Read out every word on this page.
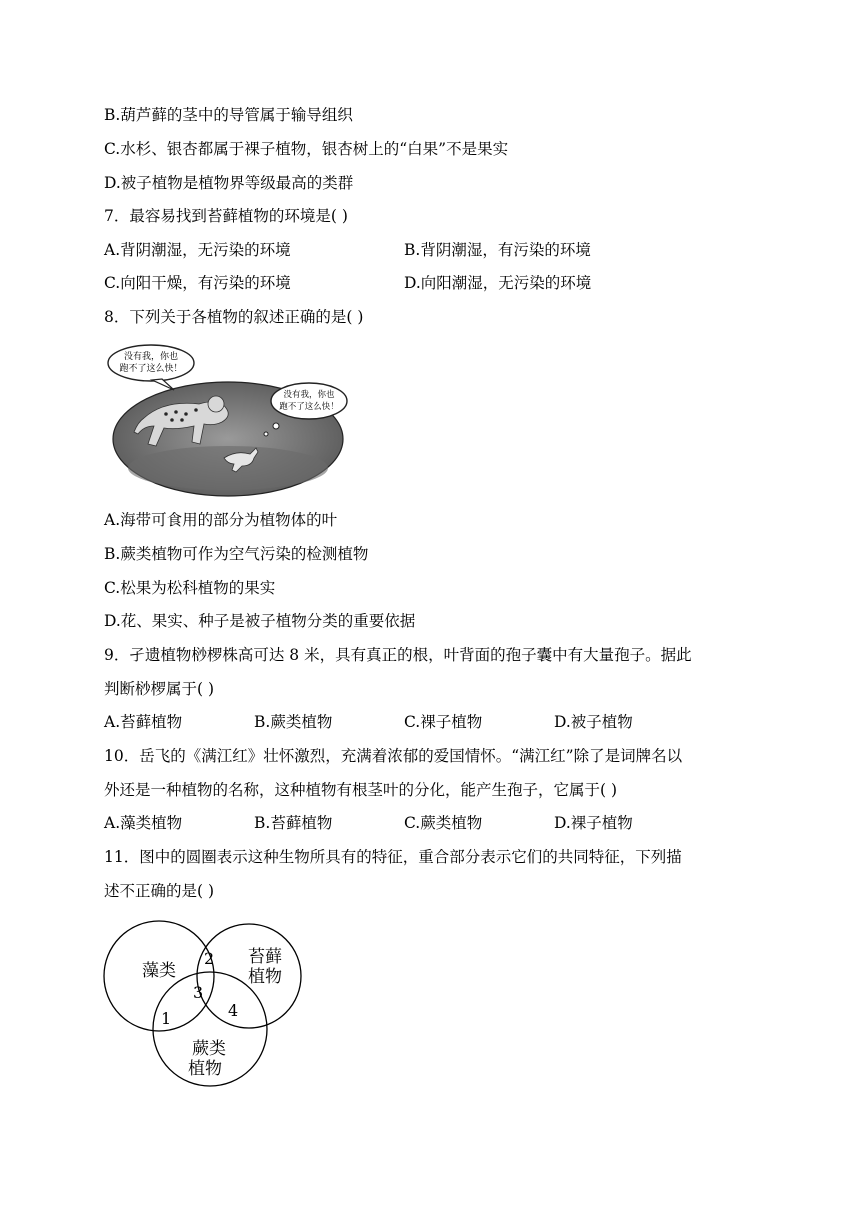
B.葫芦藓的茎中的导管属于输导组织
C.水杉、银杏都属于裸子植物，银杏树上的“白果”不是果实
D.被子植物是植物界等级最高的类群
7．最容易找到苔藓植物的环境是( )
A.背阴潮湿，无污染的环境	B.背阴潮湿，有污染的环境
C.向阳干燥，有污染的环境	D.向阳潮湿，无污染的环境
8．下列关于各植物的叙述正确的是( )
没有我，你也
跑不了这么快！
没有我，你也
跑不了这么快！
A.海带可食用的部分为植物体的叶
B.蕨类植物可作为空气污染的检测植物
C.松果为松科植物的果实
D.花、果实、种子是被子植物分类的重要依据
9．孑遗植物桫椤株高可达 8 米，具有真正的根，叶背面的孢子囊中有大量孢子。据此
判断桫椤属于( )
A.苔藓植物	B.蕨类植物	C.裸子植物	D.被子植物
10．岳飞的《满江红》壮怀激烈，充满着浓郁的爱国情怀。“满江红”除了是词牌名以
外还是一种植物的名称，这种植物有根茎叶的分化，能产生孢子，它属于( )
A.藻类植物	B.苔藓植物	C.蕨类植物	D.裸子植物
11．图中的圆圈表示这种生物所具有的特征，重合部分表示它们的共同特征，下列描
述不正确的是( )
藻类
苔藓
植物
蕨类
植物
1
2
3
4
